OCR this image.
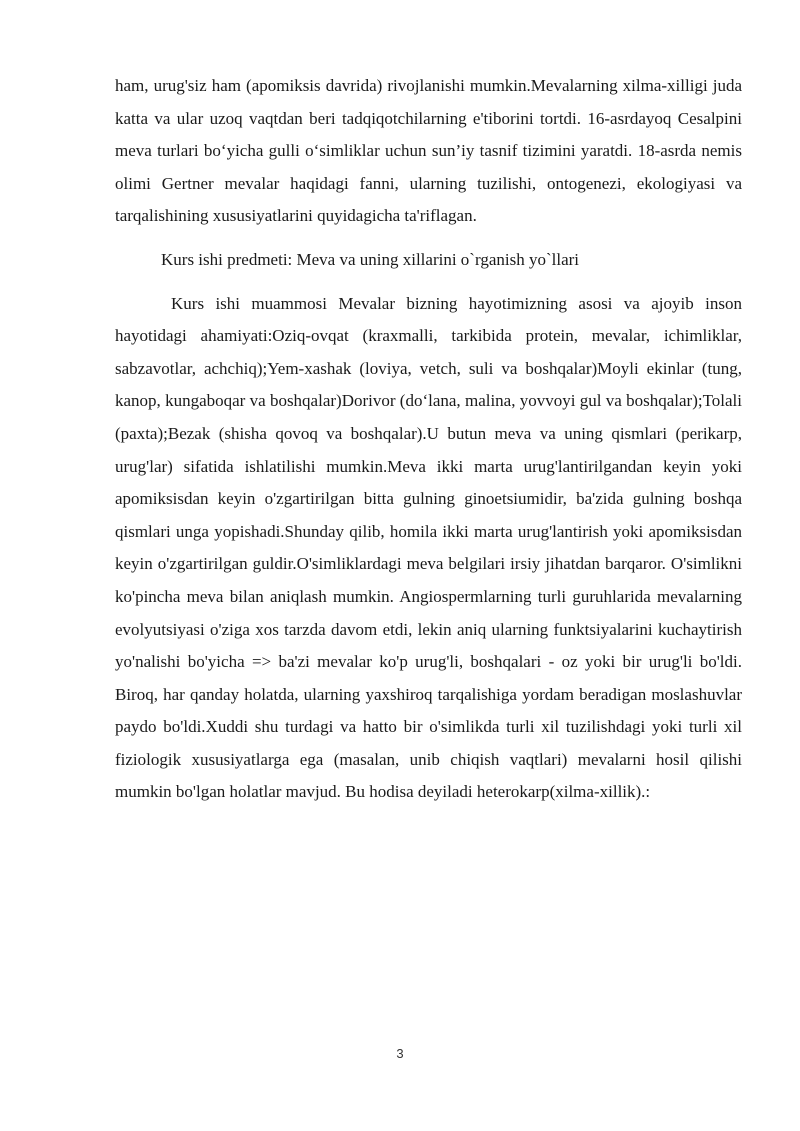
ham, urug'siz ham (apomiksis davrida) rivojlanishi mumkin.Mevalarning xilma-xilligi juda katta va ular uzoq vaqtdan beri tadqiqotchilarning e'tiborini tortdi. 16-asrdayoq Cesalpini meva turlari bo‘yicha gulli o‘simliklar uchun sun’iy tasnif tizimini yaratdi. 18-asrda nemis olimi Gertner mevalar haqidagi fanni, ularning tuzilishi, ontogenezi, ekologiyasi va tarqalishining xususiyatlarini quyidagicha ta'riflagan.

Kurs ishi predmeti: Meva va uning xillarini o`rganish yo`llari

Kurs ishi muammosi Mevalar bizning hayotimizning asosi va ajoyib inson hayotidagi ahamiyati:Oziq-ovqat (kraxmalli, tarkibida protein, mevalar, ichimliklar, sabzavotlar, achchiq);Yem-xashak (loviya, vetch, suli va boshqalar)Moyli ekinlar (tung, kanop, kungaboqar va boshqalar)Dorivor (do‘lana, malina, yovvoyi gul va boshqalar);Tolali (paxta);Bezak (shisha qovoq va boshqalar).U butun meva va uning qismlari (perikarp, urug'lar) sifatida ishlatilishi mumkin.Meva ikki marta urug'lantirilgandan keyin yoki apomiksisdan keyin o'zgartirilgan bitta gulning ginoetsiumidir, ba'zida gulning boshqa qismlari unga yopishadi.Shunday qilib, homila ikki marta urug'lantirish yoki apomiksisdan keyin o'zgartirilgan guldir.O'simliklardagi meva belgilari irsiy jihatdan barqaror. O'simlikni ko'pincha meva bilan aniqlash mumkin. Angiospermlarning turli guruhlarida mevalarning evolyutsiyasi o'ziga xos tarzda davom etdi, lekin aniq ularning funktsiyalarini kuchaytirish yo'nalishi bo'yicha => ba'zi mevalar ko'p urug'li, boshqalari - oz yoki bir urug'li bo'ldi. Biroq, har qanday holatda, ularning yaxshiroq tarqalishiga yordam beradigan moslashuvlar paydo bo'ldi.Xuddi shu turdagi va hatto bir o'simlikda turli xil tuzilishdagi yoki turli xil fiziologik xususiyatlarga ega (masalan, unib chiqish vaqtlari) mevalarni hosil qilishi mumkin bo'lgan holatlar mavjud. Bu hodisa deyiladi heterokarp(xilma-xillik).:

3
